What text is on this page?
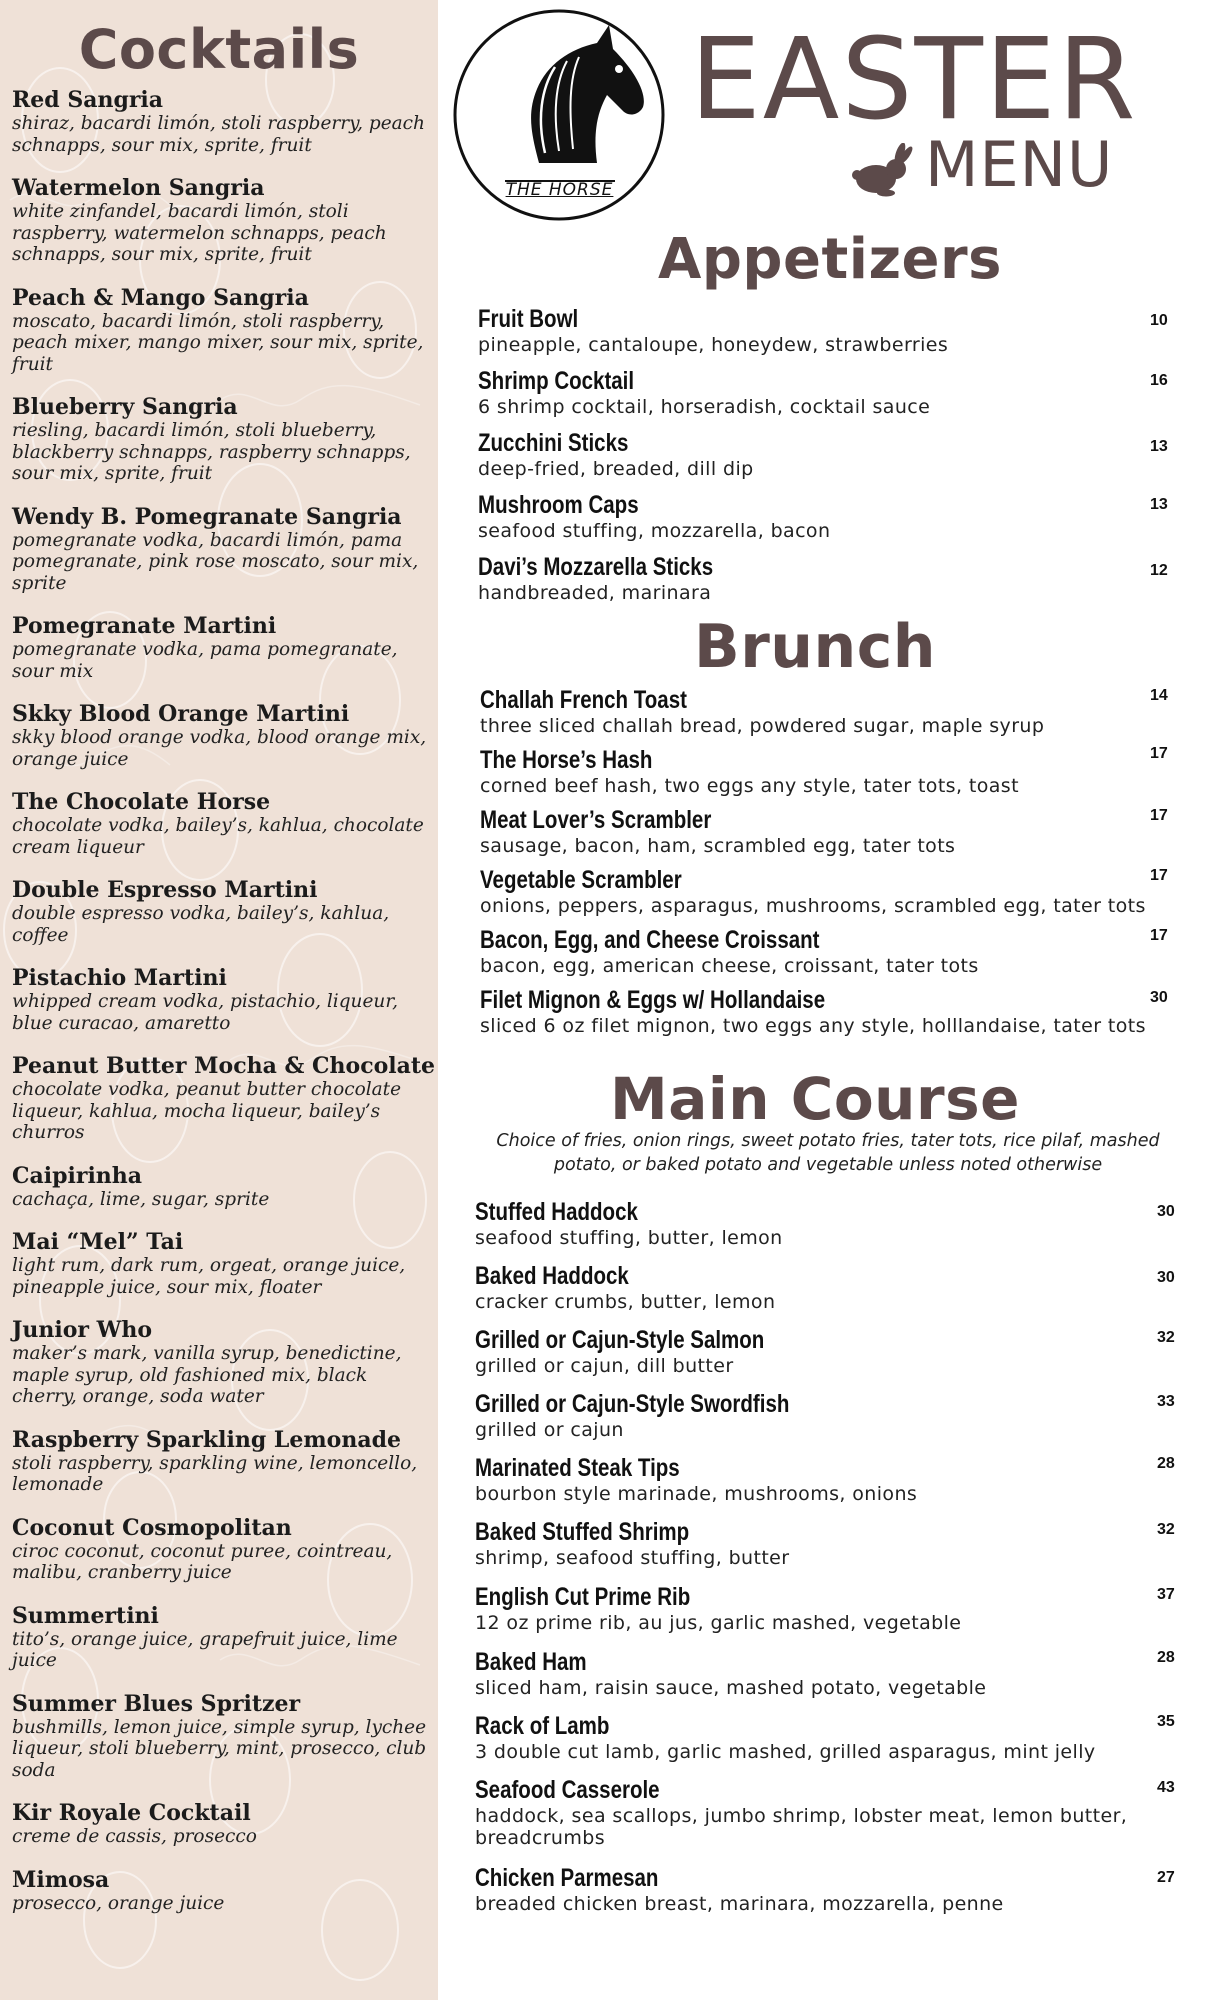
Cocktails
Red Sangria
shiraz, bacardi limón, stoli raspberry, peach schnapps, sour mix, sprite, fruit
Watermelon Sangria
white zinfandel, bacardi limón, stoli raspberry, watermelon schnapps, peach schnapps, sour mix, sprite, fruit
Peach & Mango Sangria
moscato, bacardi limón, stoli raspberry, peach mixer, mango mixer, sour mix, sprite, fruit
Blueberry Sangria
riesling, bacardi limón, stoli blueberry, blackberry schnapps, raspberry schnapps, sour mix, sprite, fruit
Wendy B. Pomegranate Sangria
pomegranate vodka, bacardi limón, pama pomegranate, pink rose moscato, sour mix, sprite
Pomegranate Martini
pomegranate vodka, pama pomegranate, sour mix
Skky Blood Orange Martini
skky blood orange vodka, blood orange mix, orange juice
The Chocolate Horse
chocolate vodka, bailey’s, kahlua, chocolate cream liqueur
Double Espresso Martini
double espresso vodka, bailey’s, kahlua, coffee
Pistachio Martini
whipped cream vodka, pistachio, liqueur, blue curacao, amaretto
Peanut Butter Mocha & Chocolate
chocolate vodka, peanut butter chocolate liqueur, kahlua, mocha liqueur, bailey’s churros
Caipirinha
cachaça, lime, sugar, sprite
Mai “Mel” Tai
light rum, dark rum, orgeat, orange juice, pineapple juice, sour mix, floater
Junior Who
maker’s mark, vanilla syrup, benedictine, maple syrup, old fashioned mix, black cherry, orange, soda water
Raspberry Sparkling Lemonade
stoli raspberry, sparkling wine, lemoncello, lemonade
Coconut Cosmopolitan
ciroc coconut, coconut puree, cointreau, malibu, cranberry juice
Summertini
tito’s, orange juice, grapefruit juice, lime juice
Summer Blues Spritzer
bushmills, lemon juice, simple syrup, lychee liqueur, stoli blueberry, mint, prosecco, club soda
Kir Royale Cocktail
creme de cassis, prosecco
Mimosa
prosecco, orange juice
THE HORSE
EASTER
MENU
Appetizers
Fruit Bowl
pineapple, cantaloupe, honeydew, strawberries
10
Shrimp Cocktail
6 shrimp cocktail, horseradish, cocktail sauce
16
Zucchini Sticks
deep-fried, breaded, dill dip
13
Mushroom Caps
seafood stuffing, mozzarella, bacon
13
Davi’s Mozzarella Sticks
handbreaded, marinara
12
Brunch
Challah French Toast
three sliced challah bread, powdered sugar, maple syrup
14
The Horse’s Hash
corned beef hash, two eggs any style, tater tots, toast
17
Meat Lover’s Scrambler
sausage, bacon, ham, scrambled egg, tater tots
17
Vegetable Scrambler
onions, peppers, asparagus, mushrooms, scrambled egg, tater tots
17
Bacon, Egg, and Cheese Croissant
bacon, egg, american cheese, croissant, tater tots
17
Filet Mignon & Eggs w/ Hollandaise
sliced 6 oz filet mignon, two eggs any style, holllandaise, tater tots
30
Main Course
Choice of fries, onion rings, sweet potato fries, tater tots, rice pilaf, mashed potato, or baked potato and vegetable unless noted otherwise
Stuffed Haddock
seafood stuffing, butter, lemon
30
Baked Haddock
cracker crumbs, butter, lemon
30
Grilled or Cajun-Style Salmon
grilled or cajun, dill butter
32
Grilled or Cajun-Style Swordfish
grilled or cajun
33
Marinated Steak Tips
bourbon style marinade, mushrooms, onions
28
Baked Stuffed Shrimp
shrimp, seafood stuffing, butter
32
English Cut Prime Rib
12 oz prime rib, au jus, garlic mashed, vegetable
37
Baked Ham
sliced ham, raisin sauce, mashed potato, vegetable
28
Rack of Lamb
3 double cut lamb, garlic mashed, grilled asparagus, mint jelly
35
Seafood Casserole
haddock, sea scallops, jumbo shrimp, lobster meat, lemon butter, breadcrumbs
43
Chicken Parmesan
breaded chicken breast, marinara, mozzarella, penne
27
